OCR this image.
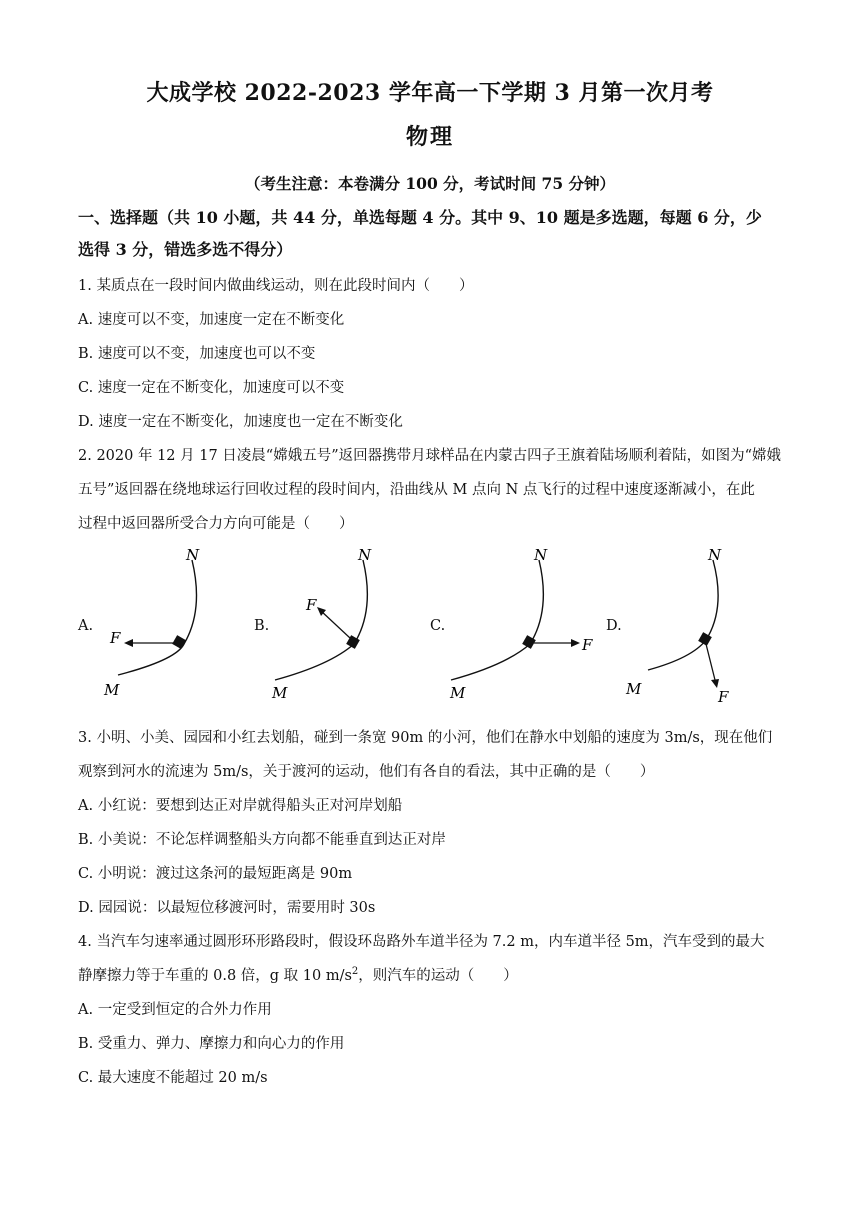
大成学校 2022-2023 学年高一下学期 3 月第一次月考
物理
（考生注意：本卷满分 100 分，考试时间 75 分钟）
一、选择题（共 10 小题，共 44 分，单选每题 4 分。其中 9、10 题是多选题，每题 6 分，少
选得 3 分，错选多选不得分）
1. 某质点在一段时间内做曲线运动，则在此段时间内（　　）
A. 速度可以不变，加速度一定在不断变化
B. 速度可以不变，加速度也可以不变
C. 速度一定在不断变化，加速度可以不变
D. 速度一定在不断变化，加速度也一定在不断变化
2. 2020 年 12 月 17 日凌晨“嫦娥五号”返回器携带月球样品在内蒙古四子王旗着陆场顺利着陆，如图为“嫦娥
五号”返回器在绕地球运行回收过程的段时间内，沿曲线从 M 点向 N 点飞行的过程中速度逐渐减小，在此
过程中返回器所受合力方向可能是（　　）
A.
N
M
F
B.
N
M
F
C.
N
M
F
D.
N
M	F
3. 小明、小美、园园和小红去划船，碰到一条宽 90m 的小河，他们在静水中划船的速度为 3m/s，现在他们
观察到河水的流速为 5m/s，关于渡河的运动，他们有各自的看法，其中正确的是（　　）
A. 小红说：要想到达正对岸就得船头正对河岸划船
B. 小美说：不论怎样调整船头方向都不能垂直到达正对岸
C. 小明说：渡过这条河的最短距离是 90m
D. 园园说：以最短位移渡河时，需要用时 30s
4. 当汽车匀速率通过圆形环形路段时，假设环岛路外车道半径为 7.2 m，内车道半径 5m，汽车受到的最大
静摩擦力等于车重的 0.8 倍，g 取 10 $m/s^2$，则汽车的运动（　　）
A. 一定受到恒定的合外力作用
B. 受重力、弹力、摩擦力和向心力的作用
C. 最大速度不能超过 20 m/s
